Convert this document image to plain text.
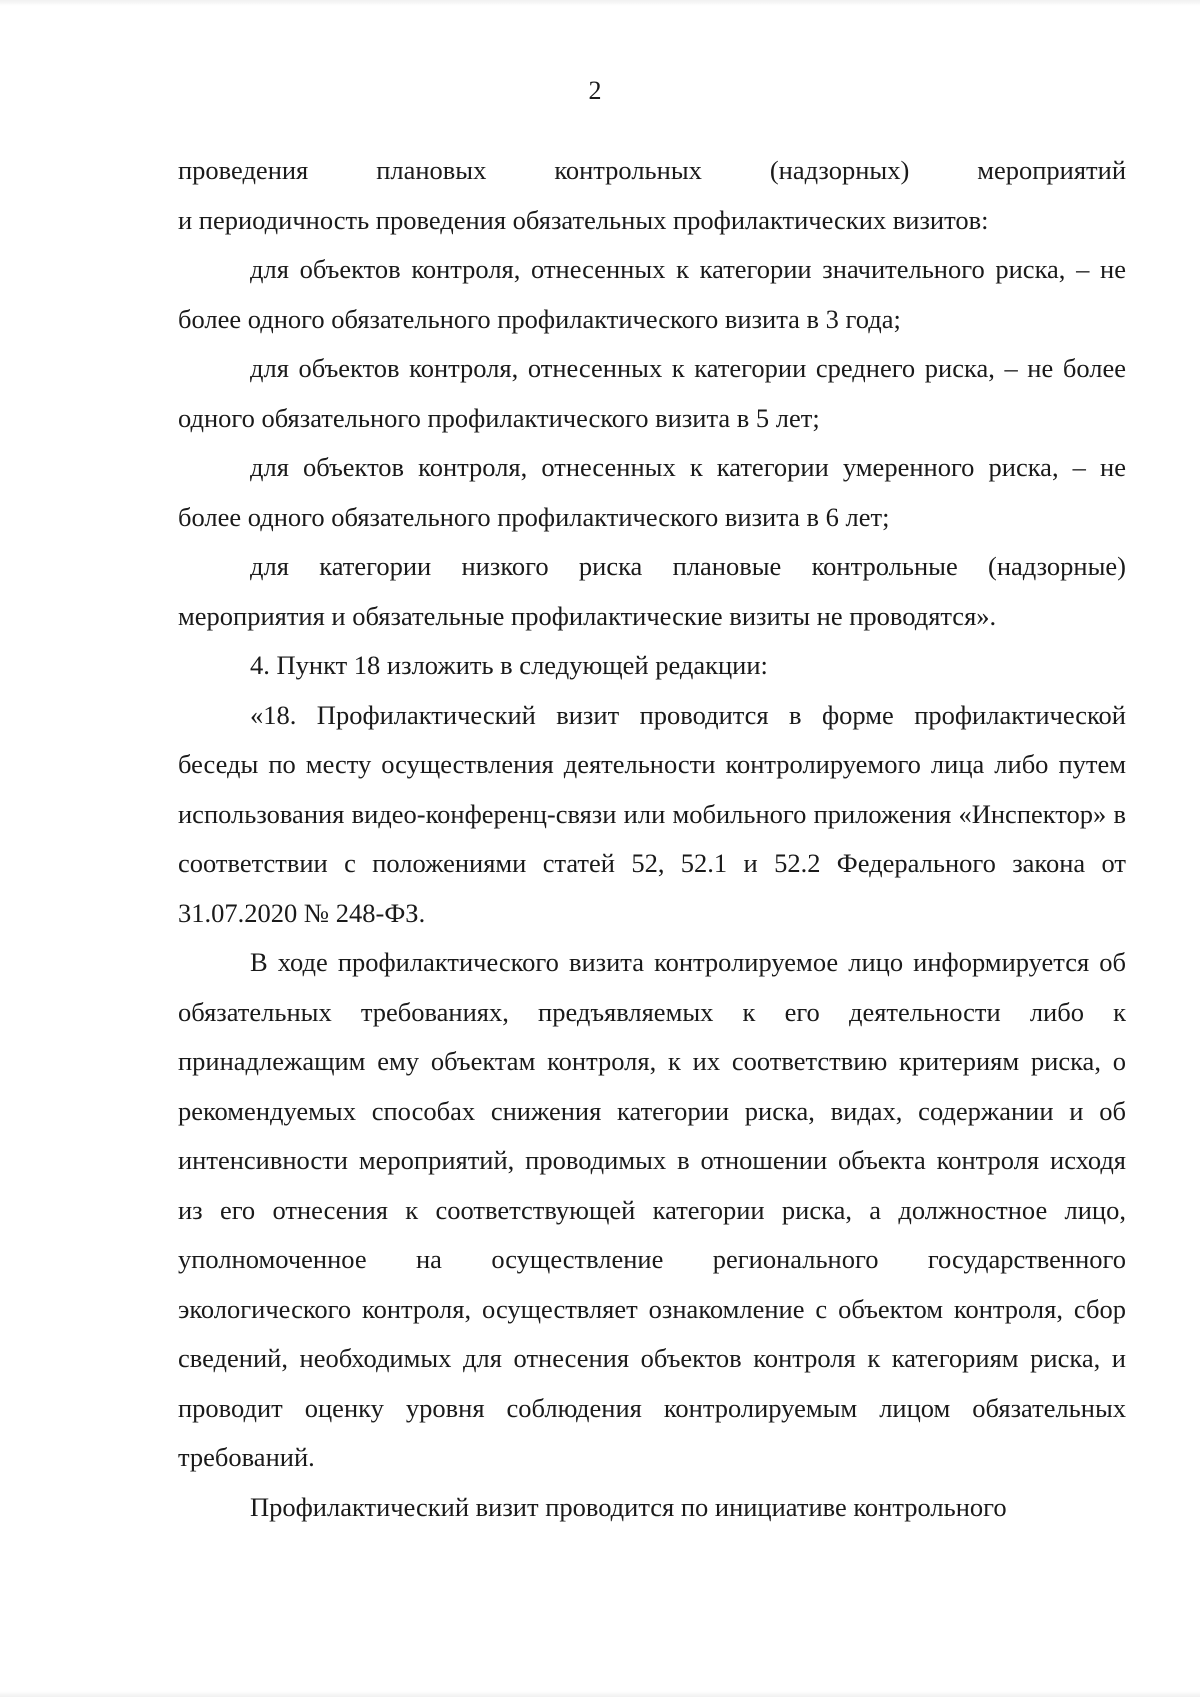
2

проведения плановых контрольных (надзорных) мероприятий
и периодичность проведения обязательных профилактических визитов:

для объектов контроля, отнесенных к категории значительного риска, – не более одного обязательного профилактического визита в 3 года;

для объектов контроля, отнесенных к категории среднего риска, – не более одного обязательного профилактического визита в 5 лет;

для объектов контроля, отнесенных к категории умеренного риска, – не более одного обязательного профилактического визита в 6 лет;

для категории низкого риска плановые контрольные (надзорные) мероприятия и обязательные профилактические визиты не проводятся».

4. Пункт 18 изложить в следующей редакции:

«18. Профилактический визит проводится в форме профилактической беседы по месту осуществления деятельности контролируемого лица либо путем использования видео-конференц-связи или мобильного приложения «Инспектор» в соответствии с положениями статей 52, 52.1 и 52.2 Федерального закона от 31.07.2020 № 248-ФЗ.

В ходе профилактического визита контролируемое лицо информируется об обязательных требованиях, предъявляемых к его деятельности либо к принадлежащим ему объектам контроля, к их соответствию критериям риска, о рекомендуемых способах снижения категории риска, видах, содержании и об интенсивности мероприятий, проводимых в отношении объекта контроля исходя из его отнесения к соответствующей категории риска, а должностное лицо, уполномоченное на осуществление регионального государственного экологического контроля, осуществляет ознакомление с объектом контроля, сбор сведений, необходимых для отнесения объектов контроля к категориям риска, и проводит оценку уровня соблюдения контролируемым лицом обязательных требований.

Профилактический визит проводится по инициативе контрольного
